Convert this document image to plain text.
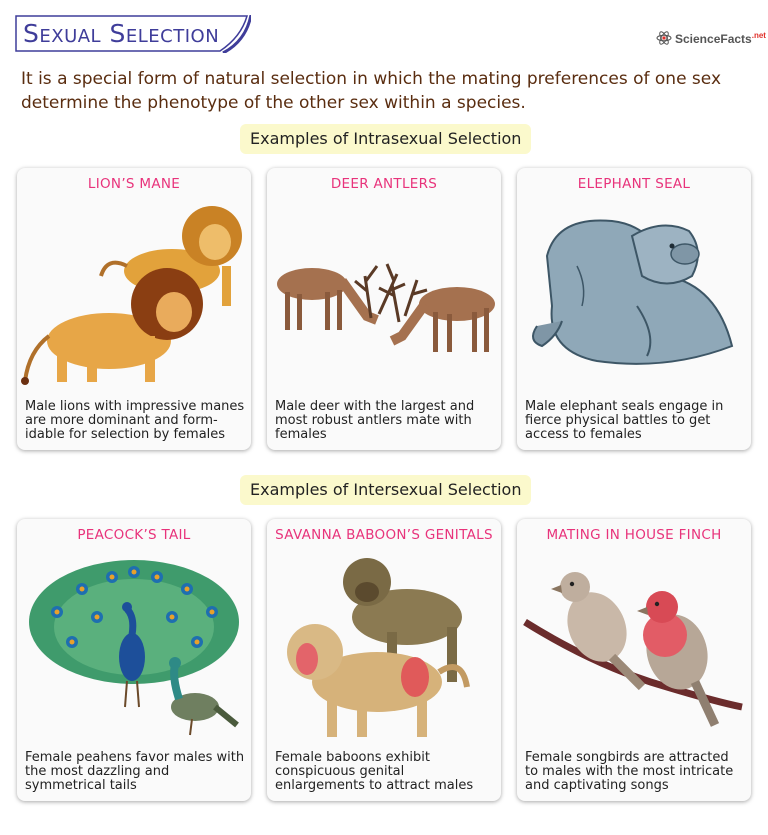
Sexual Selection	ScienceFacts$^{.net}$
It is a special form of natural selection in which the mating preferences of one sex determine the phenotype of the other sex within a species.
Examples of Intrasexual Selection
LION’S MANE
Male lions with impressive manes are more dominant and form-idable for selection by females
DEER ANTLERS
Male deer with the largest and most robust antlers mate with females
ELEPHANT SEAL
Male elephant seals engage in fierce physical battles to get access to females
Examples of Intersexual Selection
PEACOCK’S TAIL
Female peahens favor males with the most dazzling and symmetrical tails
SAVANNA BABOON’S GENITALS
Female baboons exhibit conspicuous genital enlargements to attract males
MATING IN HOUSE FINCH
Female songbirds are attracted to males with the most intricate and captivating songs
